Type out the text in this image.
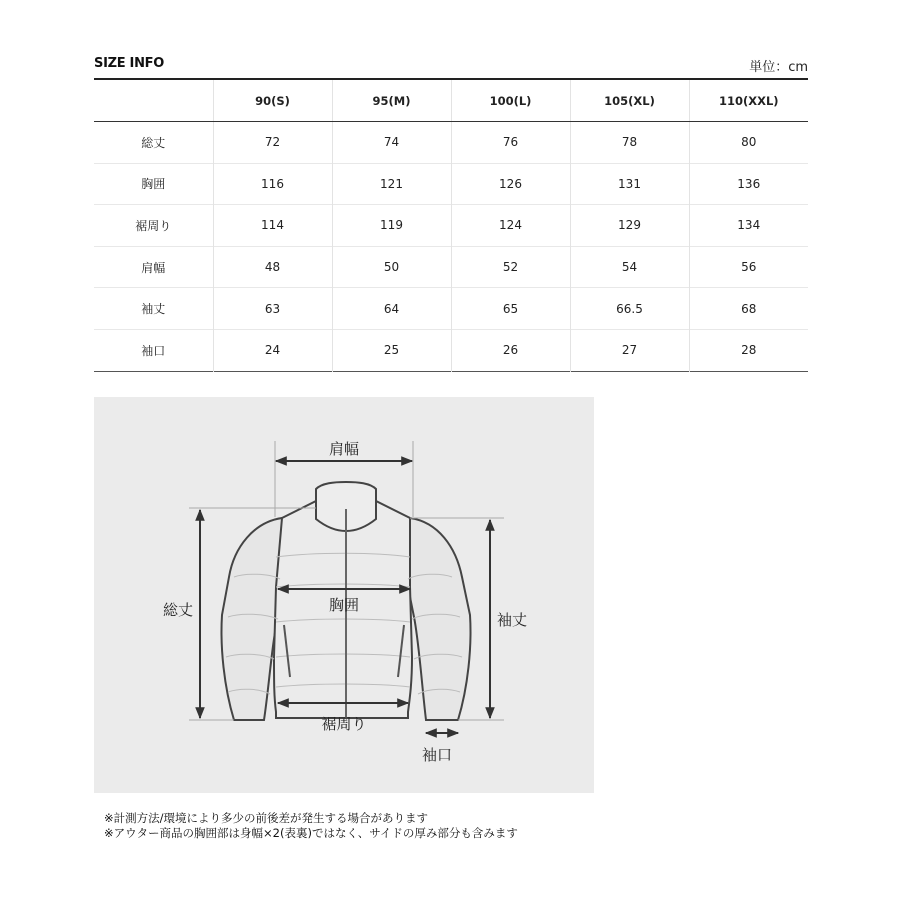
SIZE INFO	単位：cm
	90(S)	95(M)	100(L)	105(XL)	110(XXL)
総丈	72	74	76	78	80
胸囲	116	121	126	131	136
裾周り	114	119	124	129	134
肩幅	48	50	52	54	56
袖丈	63	64	65	66.5	68
袖口	24	25	26	27	28
肩幅
総丈	胸囲
袖丈
裾周り
袖口
※計測方法/環境により多少の前後差が発生する場合があります
※アウター商品の胸囲部は身幅×2(表裏)ではなく、サイドの厚み部分も含みます
